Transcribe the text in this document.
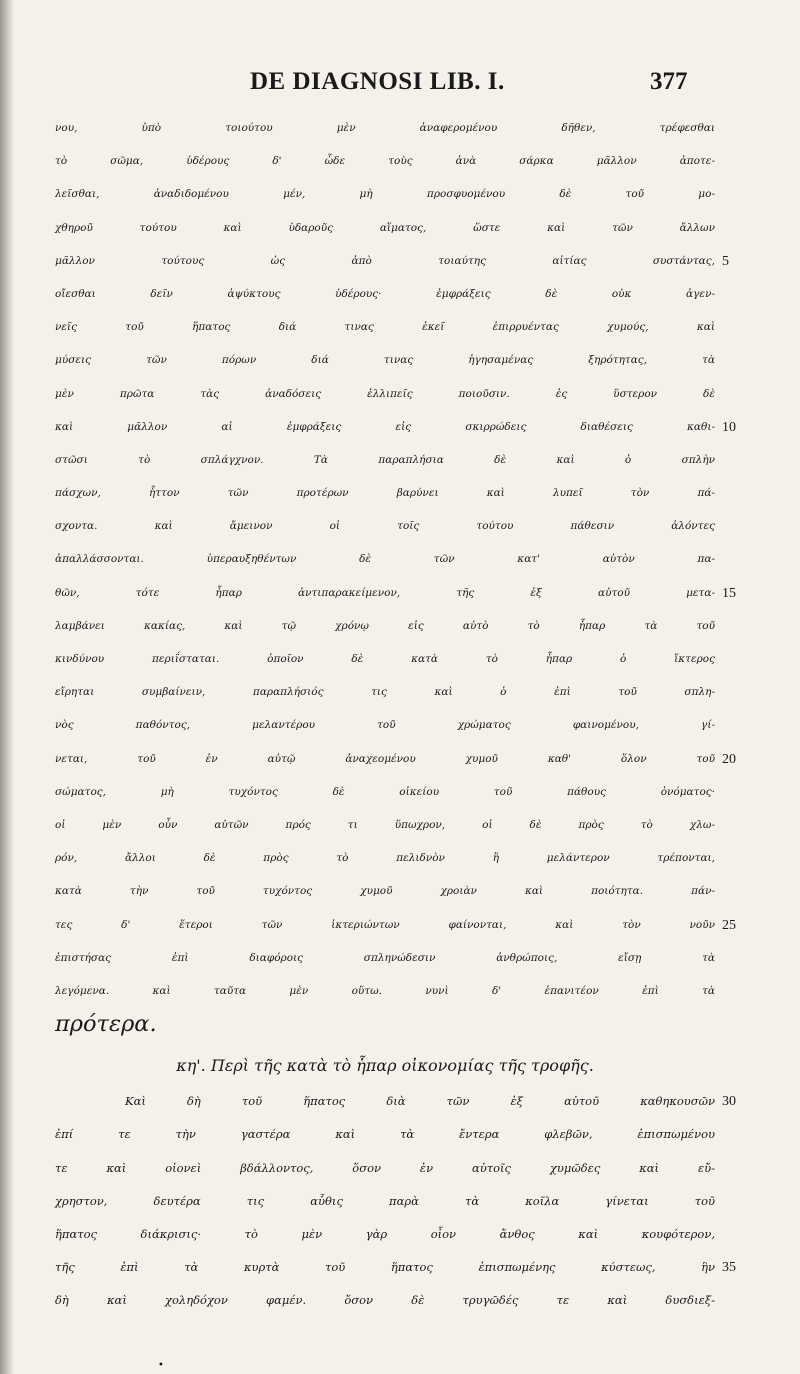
DE DIAGNOSI LIB. I.	377
νου, ὑπὸ τοιούτου μὲν ἀναφερομένου δῆθεν, τρέφεσθαι
τὸ σῶμα, ὑδέρους δ' ὧδε τοὺς ἀνὰ σάρκα μᾶλλον ἀποτε-
λεῖσθαι, ἀναδιδομένου μέν, μὴ προσφυομένου δὲ τοῦ μο-
χθηροῦ τούτου καὶ ὑδαροῦς αἵματος, ὥστε καὶ τῶν ἄλλων
μᾶλλον τούτους ὡς ἀπὸ τοιαύτης αἰτίας συστάντας, 5
οἴεσθαι δεῖν ἀψύκτους ὑδέρους· ἐμφράξεις δὲ οὐκ ἀγεν-
νεῖς τοῦ ἥπατος διά τινας ἐκεῖ ἐπιρρυέντας χυμούς, καὶ
μύσεις τῶν πόρων διά τινας ἡγησαμένας ξηρότητας, τὰ
μὲν πρῶτα τὰς ἀναδόσεις ἐλλιπεῖς ποιοῦσιν. ἐς ὕστερον δὲ
καὶ μᾶλλον αἱ ἐμφράξεις εἰς σκιρρώδεις διαθέσεις καθι- 10
στῶσι τὸ σπλάγχνον. Τὰ παραπλήσια δὲ καὶ ὁ σπλὴν
πάσχων, ἧττον τῶν προτέρων βαρύνει καὶ λυπεῖ τὸν πά-
σχοντα. καὶ ἄμεινον οἱ τοῖς τούτου πάθεσιν ἁλόντες
ἀπαλλάσσονται. ὑπεραυξηθέντων δὲ τῶν κατ' αὐτὸν πα-
θῶν, τότε ἧπαρ ἀντιπαρακείμενον, τῆς ἐξ αὐτοῦ μετα- 15
λαμβάνει κακίας, καὶ τῷ χρόνῳ εἰς αὐτὸ τὸ ἧπαρ τὰ τοῦ
κινδύνου περιΐσταται. ὁποῖον δὲ κατὰ τὸ ἧπαρ ὁ ἴκτερος
εἴρηται συμβαίνειν, παραπλήσιός τις καὶ ὁ ἐπὶ τοῦ σπλη-
νὸς παθόντος, μελαντέρου τοῦ χρώματος φαινομένου, γί-
νεται, τοῦ ἐν αὐτῷ ἀναχεομένου χυμοῦ καθ' ὅλον τοῦ 20
σώματος, μὴ τυχόντος δὲ οἰκείου τοῦ πάθους ὀνόματος·
οἱ μὲν οὖν αὐτῶν πρός τι ὕπωχρον, οἱ δὲ πρὸς τὸ χλω-
ρόν, ἄλλοι δὲ πρὸς τὸ πελιδνὸν ἢ μελάντερον τρέπονται,
κατὰ τὴν τοῦ τυχόντος χυμοῦ χροιὰν καὶ ποιότητα. πάν-
τες δ' ἕτεροι τῶν ἰκτεριώντων φαίνονται, καὶ τὸν νοῦν 25
ἐπιστήσας ἐπὶ διαφόροις σπληνώδεσιν ἀνθρώποις, εἴσῃ τὰ
λεγόμενα. καὶ ταῦτα μὲν οὕτω. νυνὶ δ' ἐπανιτέον ἐπὶ τὰ
πρότερα.
κη'. Περὶ τῆς κατὰ τὸ ἧπαρ οἰκονομίας τῆς τροφῆς.
Καὶ δὴ τοῦ ἥπατος διὰ τῶν ἐξ αὐτοῦ καθηκουσῶν 30
ἐπί τε τὴν γαστέρα καὶ τὰ ἔντερα φλεβῶν, ἐπισπωμένου
τε καὶ οἱονεὶ βδάλλοντος, ὅσον ἐν αὐτοῖς χυμῶδες καὶ εὔ-
χρηστον, δευτέρα τις αὖθις παρὰ τὰ κοῖλα γίνεται τοῦ
ἥπατος διάκρισις· τὸ μὲν γὰρ οἷον ἄνθος καὶ κουφότερον,
τῆς ἐπὶ τὰ κυρτὰ τοῦ ἥπατος ἐπισπωμένης κύστεως, ἣν 35
δὴ καὶ χοληδόχον φαμέν. ὅσον δὲ τρυγῶδές τε καὶ δυσδιεξ-
•
